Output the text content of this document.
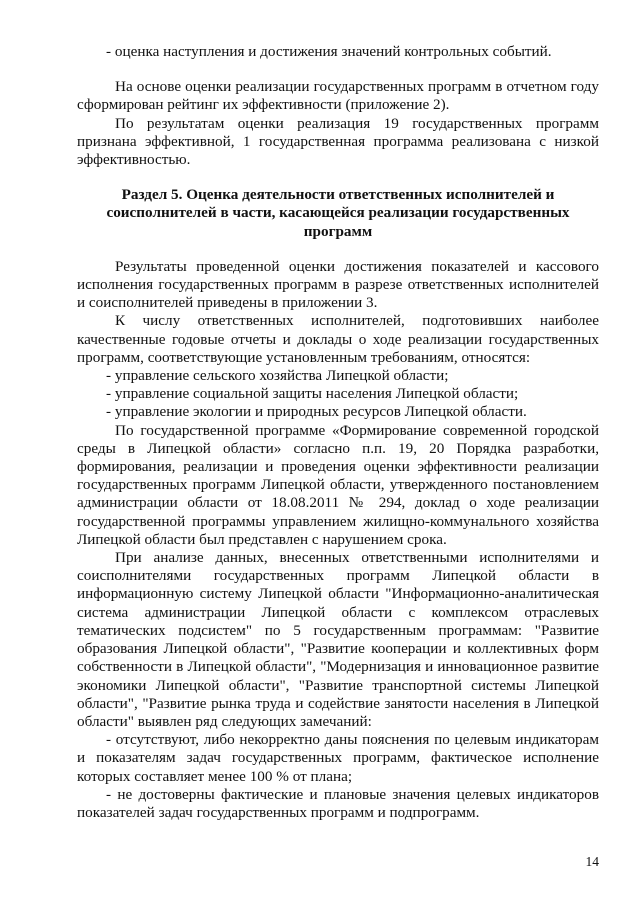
- оценка наступления и достижения значений контрольных событий.

На основе оценки реализации государственных программ в отчетном году сформирован рейтинг их эффективности (приложение 2).

По результатам оценки реализация 19 государственных программ признана эффективной, 1 государственная программа реализована с низкой эффективностью.

Раздел 5. Оценка деятельности ответственных исполнителей и
соисполнителей в части, касающейся реализации государственных
программ

Результаты проведенной оценки достижения показателей и кассового исполнения государственных программ в разрезе ответственных исполнителей и соисполнителей приведены в приложении 3.

К числу ответственных исполнителей, подготовивших наиболее качественные годовые отчеты и доклады о ходе реализации государственных программ, соответствующие установленным требованиям, относятся:

- управление сельского хозяйства Липецкой области;

- управление социальной защиты населения Липецкой области;

- управление экологии и природных ресурсов Липецкой области.

По государственной программе «Формирование современной городской среды в Липецкой области» согласно п.п. 19, 20 Порядка разработки, формирования, реализации и проведения оценки эффективности реализации государственных программ Липецкой области, утвержденного постановлением администрации области от 18.08.2011 № 294, доклад о ходе реализации государственной программы управлением жилищно-коммунального хозяйства Липецкой области был представлен с нарушением срока.

При анализе данных, внесенных ответственными исполнителями и соисполнителями государственных программ Липецкой области в информационную систему Липецкой области "Информационно-аналитическая система администрации Липецкой области с комплексом отраслевых тематических подсистем" по 5 государственным программам: "Развитие образования Липецкой области", "Развитие кооперации и коллективных форм собственности в Липецкой области", "Модернизация и инновационное развитие экономики Липецкой области", "Развитие транспортной системы Липецкой области", "Развитие рынка труда и содействие занятости населения в Липецкой области" выявлен ряд следующих замечаний:

- отсутствуют, либо некорректно даны пояснения по целевым индикаторам и показателям задач государственных программ, фактическое исполнение которых составляет менее 100 % от плана;

- не достоверны фактические и плановые значения целевых индикаторов показателей задач государственных программ и подпрограмм.

14
